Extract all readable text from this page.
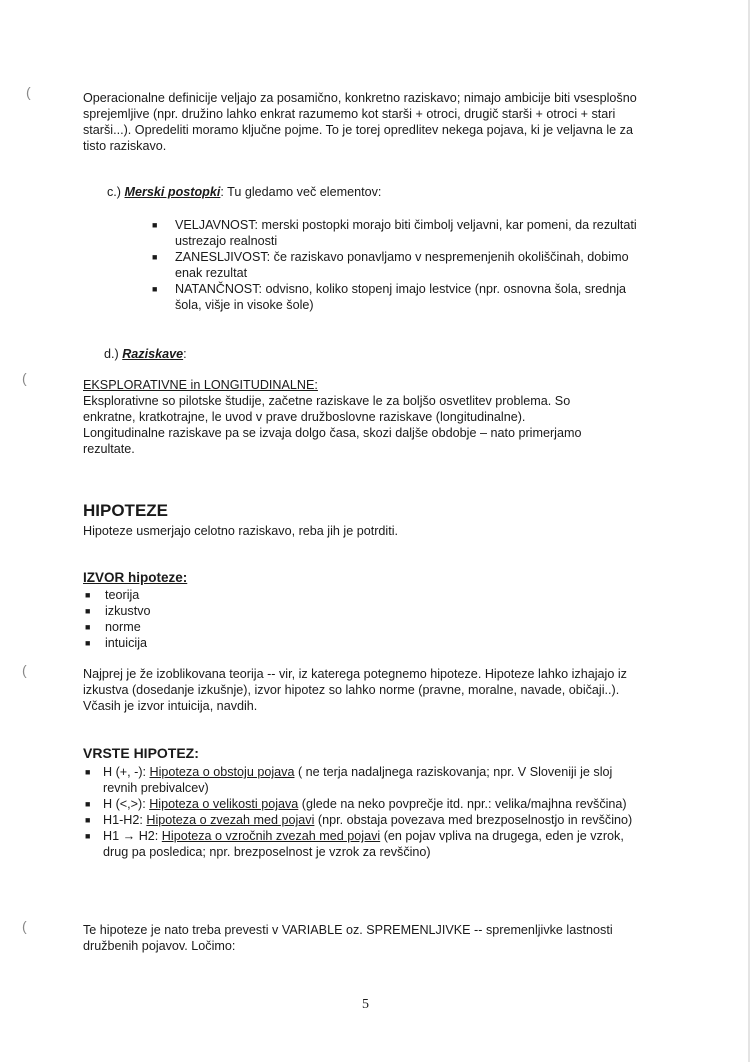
(
(
(
(
Operacionalne definicije veljajo za posamično, konkretno raziskavo; nimajo ambicije biti vsesplošno sprejemljive (npr. družino lahko enkrat razumemo kot starši + otroci, drugič starši + otroci + stari starši...). Opredeliti moramo ključne pojme. To je torej opredlitev nekega pojava, ki je veljavna le za tisto raziskavo.
c.) Merski postopki: Tu gledamo več elementov:
■ VELJAVNOST: merski postopki morajo biti čimbolj veljavni, kar pomeni, da rezultati ustrezajo realnosti
■ ZANESLJIVOST: če raziskavo ponavljamo v nespremenjenih okoliščinah, dobimo enak rezultat
■ NATANČNOST: odvisno, koliko stopenj imajo lestvice (npr. osnovna šola, srednja šola, višje in visoke šole)
d.) Raziskave:
EKSPLORATIVNE in LONGITUDINALNE:
Eksplorativne so pilotske študije, začetne raziskave le za boljšo osvetlitev problema. So enkratne, kratkotrajne, le uvod v prave družboslovne raziskave (longitudinalne). Longitudinalne raziskave pa se izvaja dolgo časa, skozi daljše obdobje – nato primerjamo rezultate.
HIPOTEZE
Hipoteze usmerjajo celotno raziskavo, reba jih je potrditi.
IZVOR hipoteze:
■ teorija
■ izkustvo
■ norme
■ intuicija
Najprej je že izoblikovana teorija -- vir, iz katerega potegnemo hipoteze. Hipoteze lahko izhajajo iz izkustva (dosedanje izkušnje), izvor hipotez so lahko norme (pravne, moralne, navade, običaji..). Včasih je izvor intuicija, navdih.
VRSTE HIPOTEZ:
■ H (+, -): Hipoteza o obstoju pojava ( ne terja nadaljnega raziskovanja; npr. V Sloveniji je sloj revnih prebivalcev)
■ H (<,>): Hipoteza o velikosti pojava (glede na neko povprečje itd. npr.: velika/majhna revščina)
■ H1-H2: Hipoteza o zvezah med pojavi (npr. obstaja povezava med brezposelnostjo in revščino)
■ H1 → H2: Hipoteza o vzročnih zvezah med pojavi (en pojav vpliva na drugega, eden je vzrok, drug pa posledica; npr. brezposelnost je vzrok za revščino)
Te hipoteze je nato treba prevesti v VARIABLE oz. SPREMENLJIVKE -- spremenljivke lastnosti družbenih pojavov. Ločimo:
5
